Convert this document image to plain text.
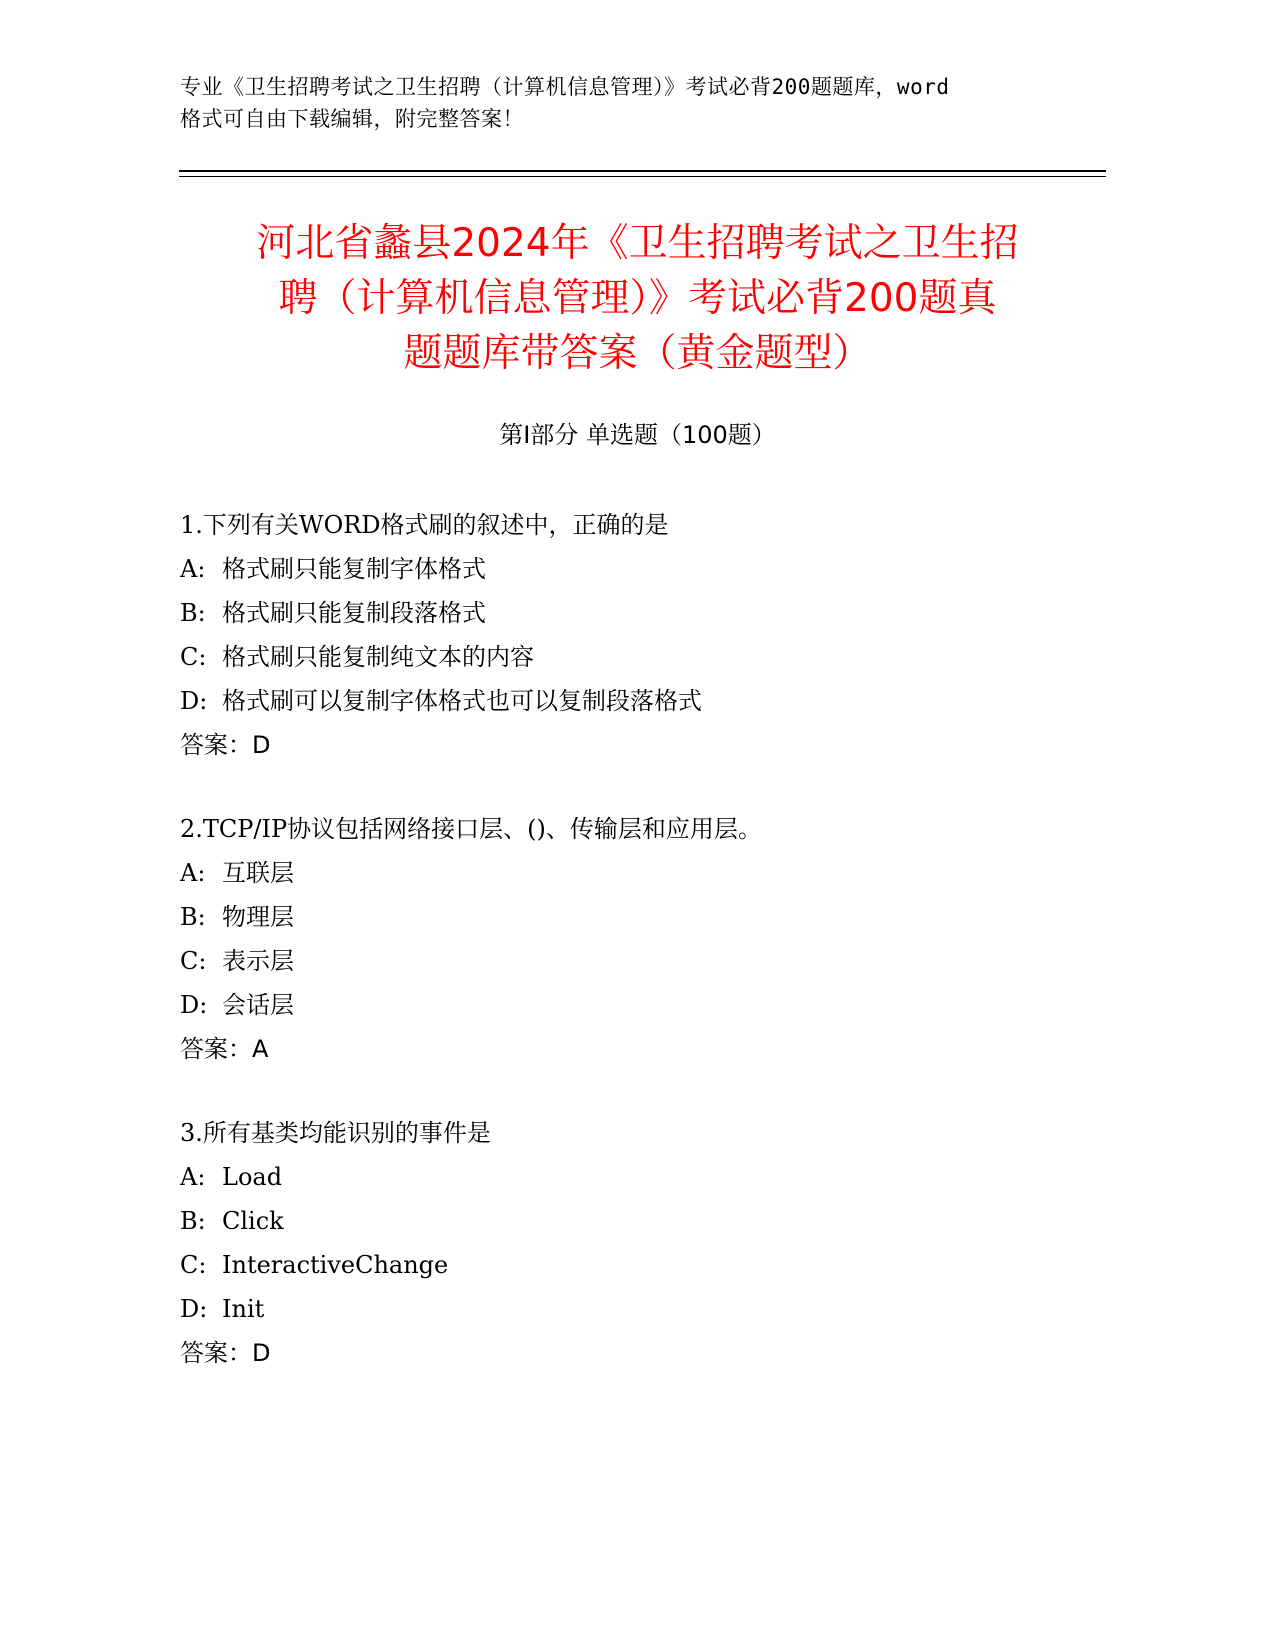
专业《卫生招聘考试之卫生招聘（计算机信息管理）》考试必背200题题库，word
格式可自由下载编辑，附完整答案！
河北省蠡县2024年《卫生招聘考试之卫生招
聘（计算机信息管理）》考试必背200题真
题题库带答案（黄金题型）
第Ⅰ部分 单选题（100题）
1.下列有关WORD格式刷的叙述中，正确的是
A: 格式刷只能复制字体格式
B: 格式刷只能复制段落格式
C: 格式刷只能复制纯文本的内容
D: 格式刷可以复制字体格式也可以复制段落格式
答案：D
2.TCP/IP协议包括网络接口层、()、传输层和应用层。
A: 互联层
B: 物理层
C: 表示层
D: 会话层
答案：A
3.所有基类均能识别的事件是
A: Load
B: Click
C: InteractiveChange
D: Init
答案：D
